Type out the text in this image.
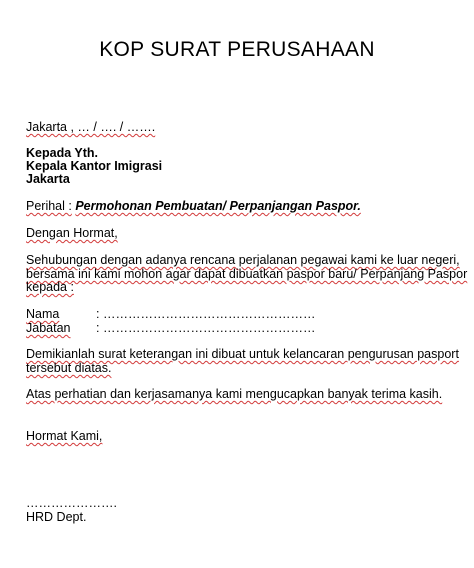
KOP SURAT PERUSAHAAN
Jakarta , … / …. / …….
Kepada Yth.
Kepala Kantor Imigrasi
Jakarta
Perihal : Permohonan Pembuatan/ Perpanjangan Paspor.
Dengan Hormat,
Sehubungan dengan adanya rencana perjalanan pegawai kami ke luar negeri,
bersama ini kami mohon agar dapat dibuatkan paspor baru/ Perpanjang Paspor
kepada :
Nama	: ……………………………………………
Jabatan : ……………………………………………
Demikianlah surat keterangan ini dibuat untuk kelancaran pengurusan pasport
tersebut diatas.
Atas perhatian dan kerjasamanya kami mengucapkan banyak terima kasih.
Hormat Kami,
………………….
HRD Dept.
